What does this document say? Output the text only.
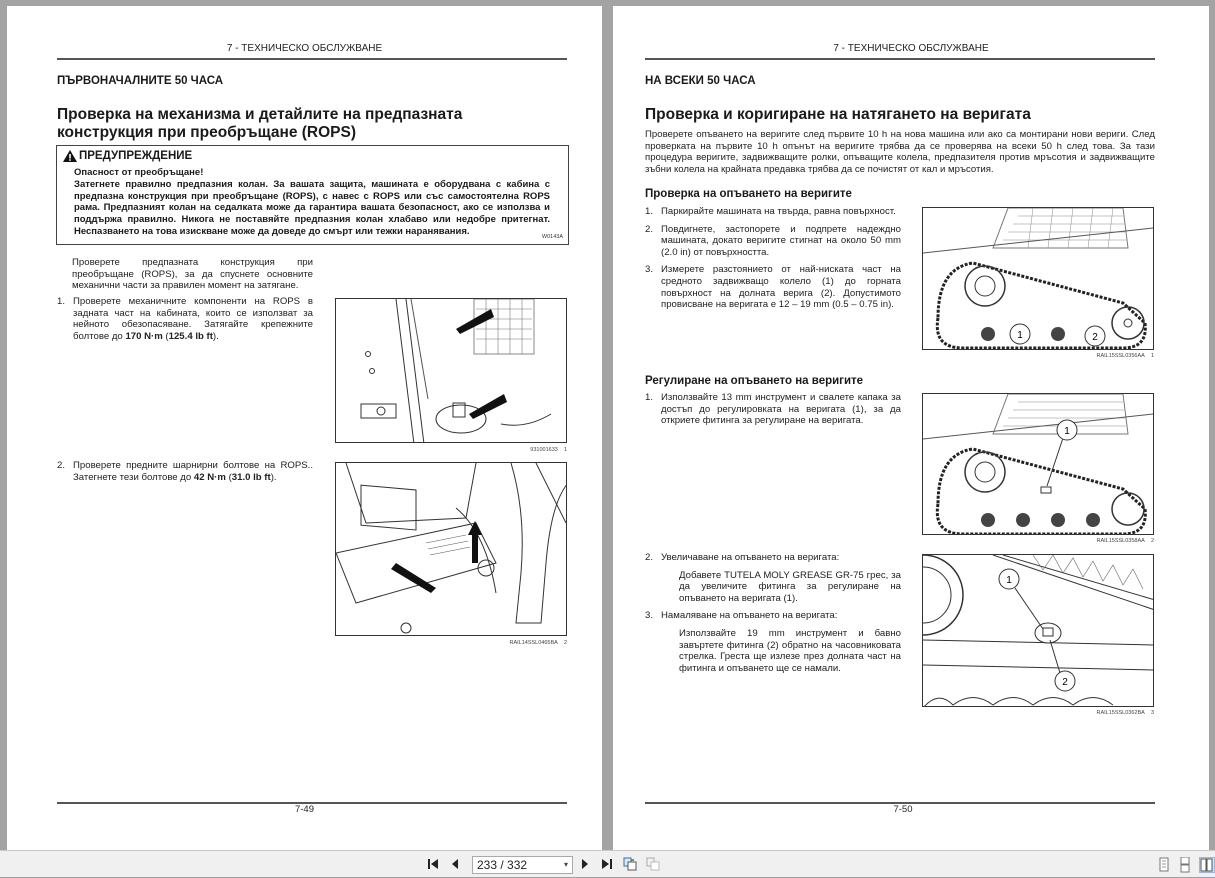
7 - ТЕХНИЧЕСКО ОБСЛУЖВАНЕ
ПЪРВОНАЧАЛНИТЕ 50 ЧАСА
Проверка на механизма и детайлите на предпазната
конструкция при преобръщане (ROPS)
ПРЕДУПРЕЖДЕНИЕ
Опасност от преобръщане!
Затегнете правилно предпазния колан. За вашата защита, машината е оборудвана с кабина с предпазна конструкция при преобръщане (ROPS), с навес с ROPS или със самостоятелна ROPS рама. Предпазният колан на седалката може да гарантира вашата безопасност, ако се използва и поддържа правилно. Никога не поставяйте предпазния колан хлабаво или недобре притегнат. Неспазването на това изискване може да доведе до смърт или тежки наранявания.
W0143A
Проверете предпазната конструкция при преобръщане (ROPS), за да спуснете основните механични части за правилен момент на затягане.
1. Проверете механичните компоненти на ROPS в задната част на кабината, които се използват за нейното обезопасяване. Затягайте крепежните болтове до 170 N·m (125.4 lb ft).
2. Проверете предните шарнирни болтове на ROPS.. Затегнете тези болтове до 42 N·m (31.0 lb ft).
931001633 1
RAIL14SSL0465BA 2
7-49
7 - ТЕХНИЧЕСКО ОБСЛУЖВАНЕ
НА ВСЕКИ 50 ЧАСА
Проверка и коригиране на натягането на веригата
Проверете опъването на веригите след първите 10 h на нова машина или ако са монтирани нови вериги. След проверката на първите 10 h опънът на веригите трябва да се проверява на всеки 50 h след това. За тази процедура веригите, задвижващите ролки, опъващите колела, предпазителя против мръсотия и задвижващите зъбни колела на крайната предавка трябва да се почистят от кал и мръсотия.
Проверка на опъването на веригите
1. Паркирайте машината на твърда, равна повърхност.
2. Повдигнете, застопорете и подпрете надеждно машината, докато веригите стигнат на около 50 mm (2.0 in) от повърхността.
3. Измерете разстоянието от най-ниската част на средното задвижващо колело (1) до горната повърхност на долната верига (2). Допустимото провисване на веригата е 12 – 19 mm (0.5 – 0.75 in).
1	2
RAIL15SSL0356AA 1
Регулиране на опъването на веригите
1. Използвайте 13 mm инструмент и свалете капака за достъп до регулировката на веригата (1), за да откриете фитинга за регулиране на веригата.
1
RAIL15SSL0358AA 2
2. Увеличаване на опъването на веригата:
Добавете TUTELA MOLY GREASE GR-75 грес, за да увеличите фитинга за регулиране на опъването на веригата (1).
3. Намаляване на опъването на веригата:
Използвайте 19 mm инструмент и бавно завъртете фитинга (2) обратно на часовниковата стрелка. Греста ще излезе през долната част на фитинга и опъването ще се намали.
1
2
RAIL15SSL0362BA 3
7-50
233 / 332	▾
